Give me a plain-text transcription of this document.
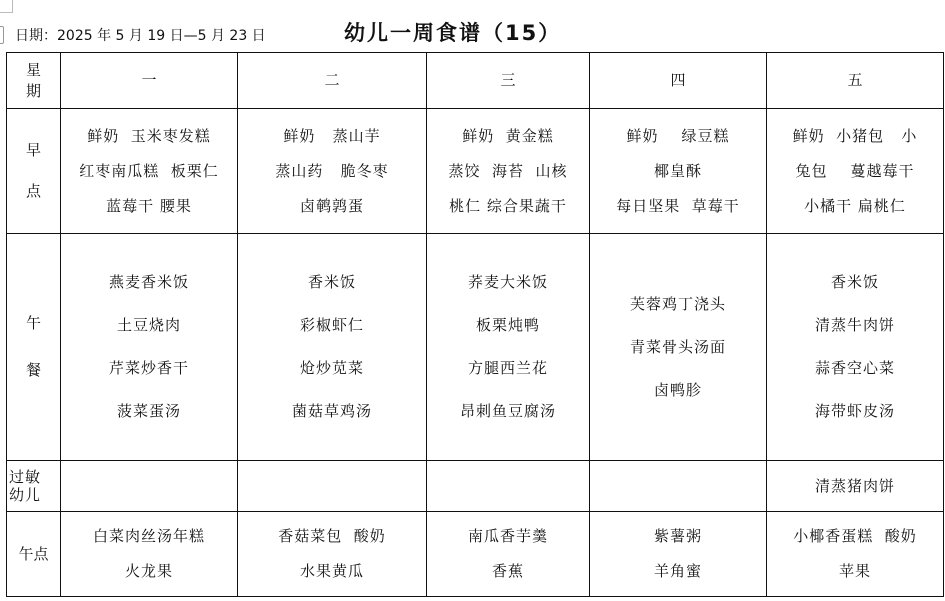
日期：2025 年 5 月 19 日—5 月 23 日	幼儿一周食谱（15）
星
期	一	二	三	四	五

早
点	鲜奶  玉米枣发糕
红枣南瓜糕  板栗仁
蓝莓干 腰果	鲜奶   蒸山芋
蒸山药   脆冬枣
卤鹌鹑蛋	鲜奶  黄金糕
蒸饺  海苔  山核
桃仁 综合果蔬干	鲜奶    绿豆糕
椰皇酥
每日坚果  草莓干	鲜奶  小猪包   小
兔包    蔓越莓干
小橘干 扁桃仁

午
餐	燕麦香米饭
土豆烧肉
芹菜炒香干
菠菜蛋汤	香米饭
彩椒虾仁
炝炒苋菜
菌菇草鸡汤	荞麦大米饭
板栗炖鸭
方腿西兰花
昂刺鱼豆腐汤	芙蓉鸡丁浇头
青菜骨头汤面
卤鸭胗	香米饭
清蒸牛肉饼
蒜香空心菜
海带虾皮汤

过敏
幼儿					清蒸猪肉饼

午点	白菜肉丝汤年糕
火龙果	香菇菜包  酸奶
水果黄瓜	南瓜香芋羹
香蕉	紫薯粥
羊角蜜	小椰香蛋糕  酸奶
苹果
